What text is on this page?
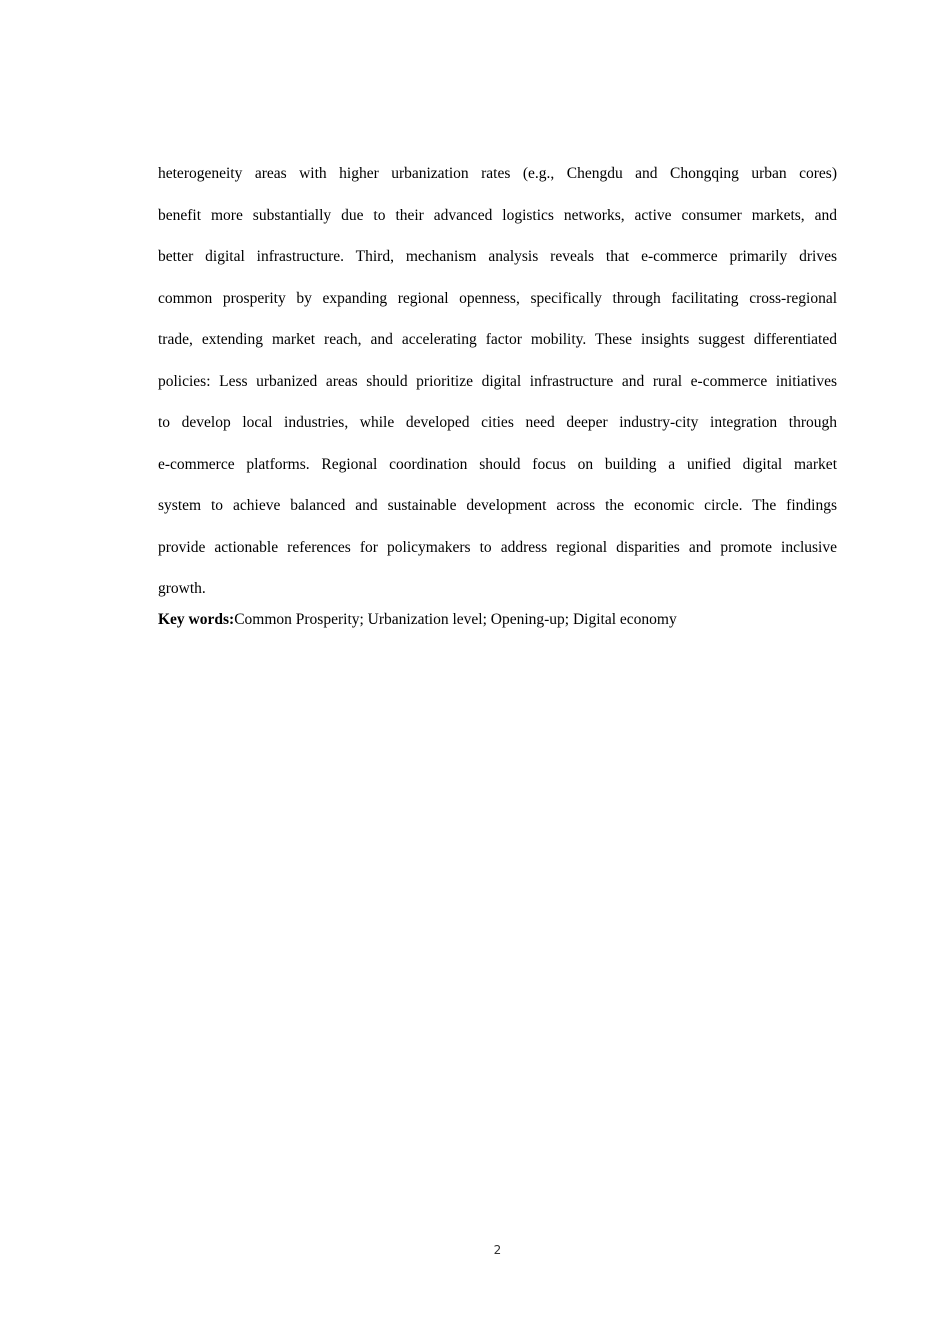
heterogeneity areas with higher urbanization rates (e.g., Chengdu and Chongqing urban cores)
benefit more substantially due to their advanced logistics networks, active consumer markets, and
better digital infrastructure. Third, mechanism analysis reveals that e-commerce primarily drives
common prosperity by expanding regional openness, specifically through facilitating cross-regional
trade, extending market reach, and accelerating factor mobility. These insights suggest differentiated
policies: Less urbanized areas should prioritize digital infrastructure and rural e-commerce initiatives
to develop local industries, while developed cities need deeper industry-city integration through
e-commerce platforms. Regional coordination should focus on building a unified digital market
system to achieve balanced and sustainable development across the economic circle. The findings
provide actionable references for policymakers to address regional disparities and promote inclusive
growth.

Key words:Common Prosperity; Urbanization level; Opening-up; Digital economy

2
